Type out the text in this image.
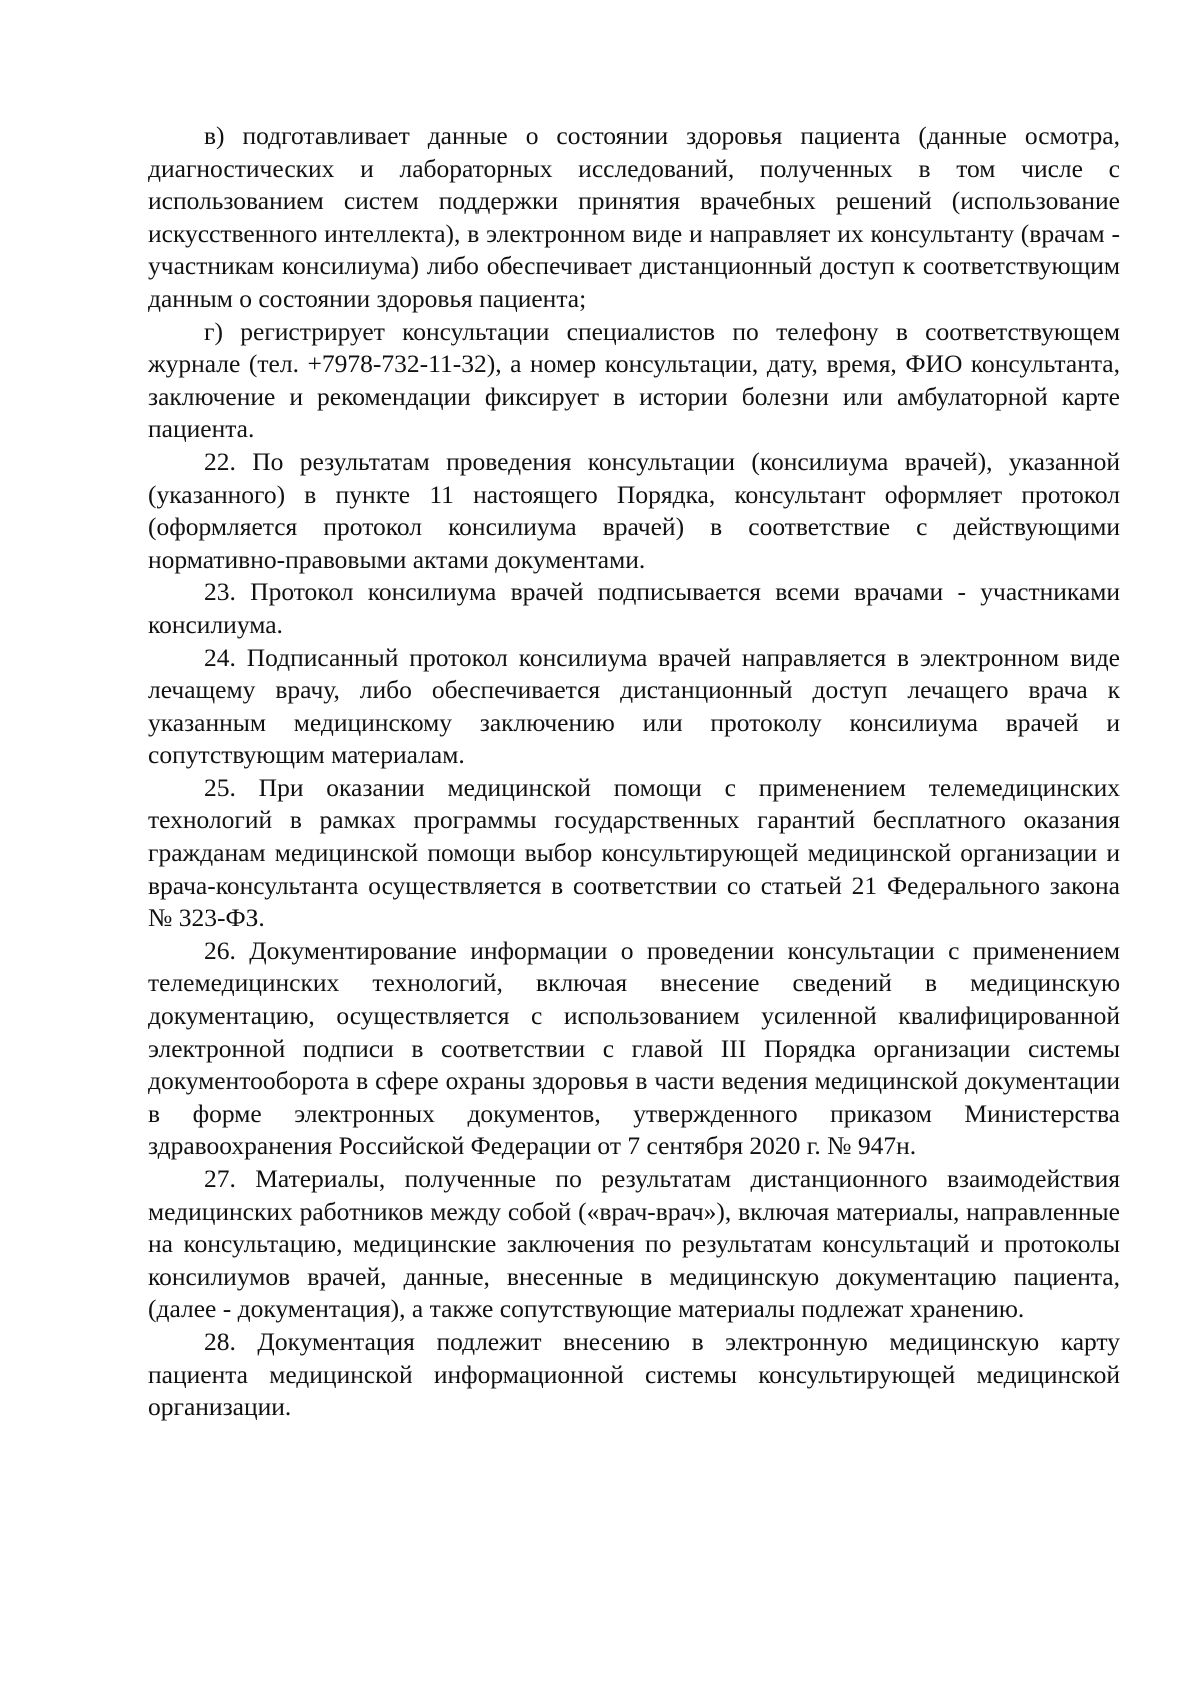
в) подготавливает данные о состоянии здоровья пациента (данные осмотра, диагностических и лабораторных исследований, полученных в том числе с использованием систем поддержки принятия врачебных решений (использование искусственного интеллекта), в электронном виде и направляет их консультанту (врачам - участникам консилиума) либо обеспечивает дистанционный доступ к соответствующим данным о состоянии здоровья пациента;

г) регистрирует консультации специалистов по телефону в соответствующем журнале (тел. +7978-732-11-32), а номер консультации, дату, время, ФИО консультанта, заключение и рекомендации фиксирует в истории болезни или амбулаторной карте пациента.

22. По результатам проведения консультации (консилиума врачей), указанной (указанного) в пункте 11 настоящего Порядка, консультант оформляет протокол (оформляется протокол консилиума врачей) в соответствие с действующими нормативно-правовыми актами документами.

23. Протокол консилиума врачей подписывается всеми врачами - участниками консилиума.

24. Подписанный протокол консилиума врачей направляется в электронном виде лечащему врачу, либо обеспечивается дистанционный доступ лечащего врача к указанным медицинскому заключению или протоколу консилиума врачей и сопутствующим материалам.

25. При оказании медицинской помощи с применением телемедицинских технологий в рамках программы государственных гарантий бесплатного оказания гражданам медицинской помощи выбор консультирующей медицинской организации и врача-консультанта осуществляется в соответствии со статьей 21 Федерального закона № 323-ФЗ.

26. Документирование информации о проведении консультации с применением телемедицинских технологий, включая внесение сведений в медицинскую документацию, осуществляется с использованием усиленной квалифицированной электронной подписи в соответствии с главой III Порядка организации системы документооборота в сфере охраны здоровья в части ведения медицинской документации в форме электронных документов, утвержденного приказом Министерства здравоохранения Российской Федерации от 7 сентября 2020 г. № 947н.

27. Материалы, полученные по результатам дистанционного взаимодействия медицинских работников между собой («врач-врач»), включая материалы, направленные на консультацию, медицинские заключения по результатам консультаций и протоколы консилиумов врачей, данные, внесенные в медицинскую документацию пациента, (далее - документация), а также сопутствующие материалы подлежат хранению.

28. Документация подлежит внесению в электронную медицинскую карту пациента медицинской информационной системы консультирующей медицинской организации.
